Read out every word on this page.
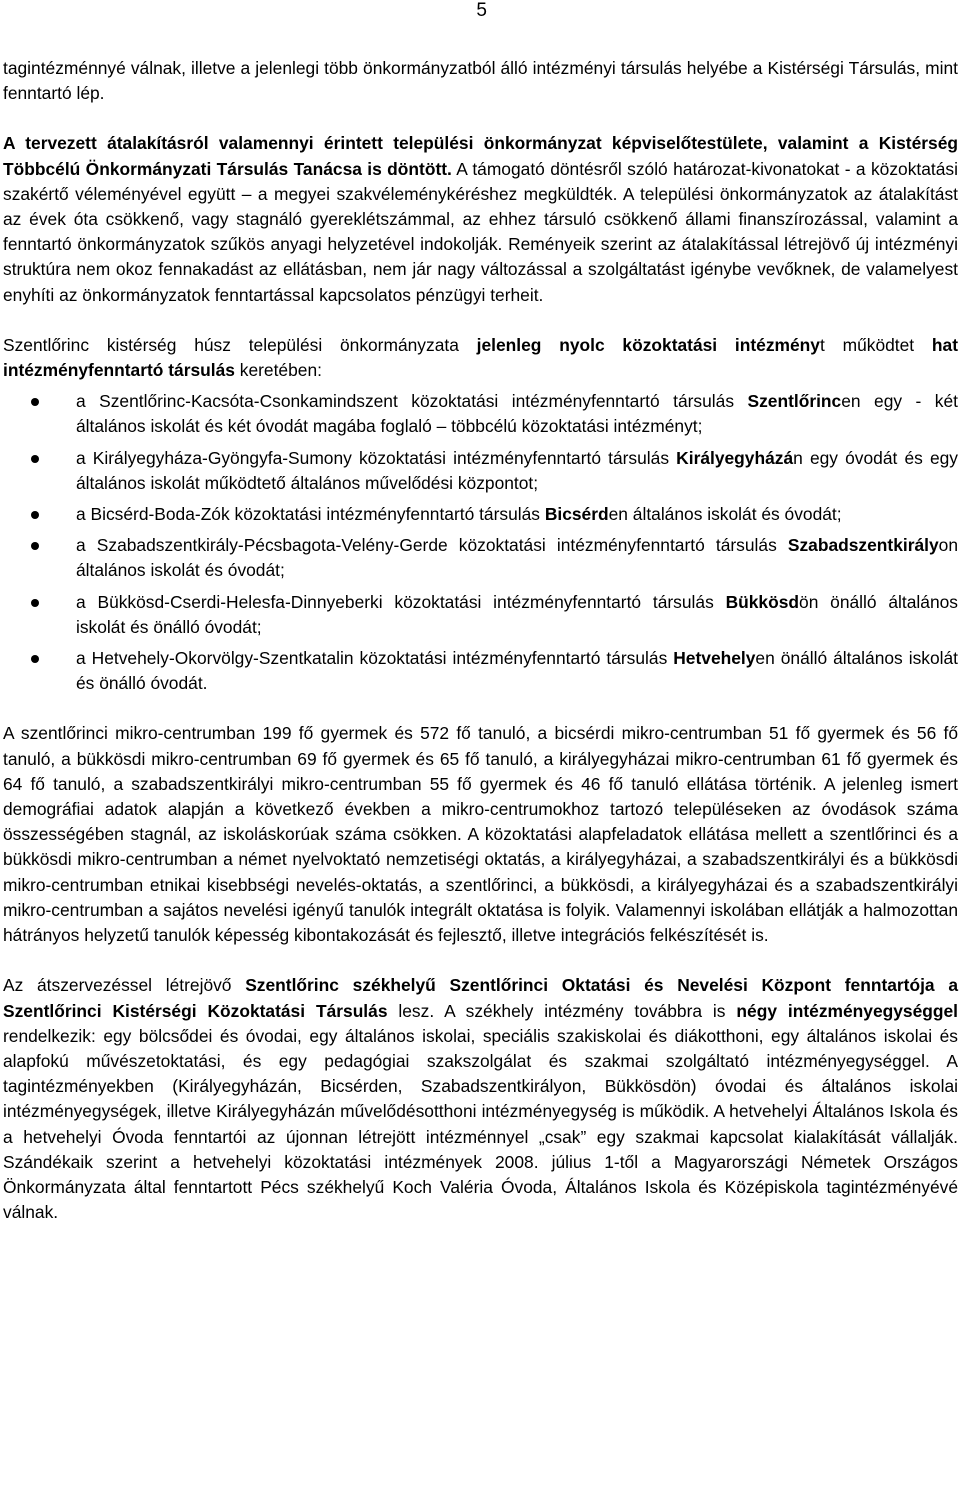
5

tagintézménnyé válnak, illetve a jelenlegi több önkormányzatból álló intézményi társulás helyébe a Kistérségi Társulás, mint fenntartó lép.

A tervezett átalakításról valamennyi érintett települési önkormányzat képviselőtestülete, valamint a Kistérség Többcélú Önkormányzati Társulás Tanácsa is döntött. A támogató döntésről szóló határozat-kivonatokat - a közoktatási szakértő véleményével együtt – a megyei szakvéleménykéréshez megküldték. A települési önkormányzatok az átalakítást az évek óta csökkenő, vagy stagnáló gyereklétszámmal, az ehhez társuló csökkenő állami finanszírozással, valamint a fenntartó önkormányzatok szűkös anyagi helyzetével indokolják. Reményeik szerint az átalakítással létrejövő új intézményi struktúra nem okoz fennakadást az ellátásban, nem jár nagy változással a szolgáltatást igénybe vevőknek, de valamelyest enyhíti az önkormányzatok fenntartással kapcsolatos pénzügyi terheit.

Szentlőrinc kistérség húsz települési önkormányzata jelenleg nyolc közoktatási intézményt működtet hat intézményfenntartó társulás keretében:

a Szentlőrinc-Kacsóta-Csonkamindszent közoktatási intézményfenntartó társulás Szentlőrincen egy - két általános iskolát és két óvodát magába foglaló – többcélú közoktatási intézményt;
a Királyegyháza-Gyöngyfa-Sumony közoktatási intézményfenntartó társulás Királyegyházán egy óvodát és egy általános iskolát működtető általános művelődési központot;
a Bicsérd-Boda-Zók közoktatási intézményfenntartó társulás Bicsérden általános iskolát és óvodát;
a Szabadszentkirály-Pécsbagota-Velény-Gerde közoktatási intézményfenntartó társulás Szabadszentkirályon általános iskolát és óvodát;
a Bükkösd-Cserdi-Helesfa-Dinnyeberki közoktatási intézményfenntartó társulás Bükkösdön önálló általános iskolát és önálló óvodát;
a Hetvehely-Okorvölgy-Szentkatalin közoktatási intézményfenntartó társulás Hetvehelyen önálló általános iskolát és önálló óvodát.

A szentlőrinci mikro-centrumban 199 fő gyermek és 572 fő tanuló, a bicsérdi mikro-centrumban 51 fő gyermek és 56 fő tanuló, a bükkösdi mikro-centrumban 69 fő gyermek és 65 fő tanuló, a királyegyházai mikro-centrumban 61 fő gyermek és 64 fő tanuló, a szabadszentkirályi mikro-centrumban 55 fő gyermek és 46 fő tanuló ellátása történik. A jelenleg ismert demográfiai adatok alapján a következő években a mikro-centrumokhoz tartozó településeken az óvodások száma összességében stagnál, az iskoláskorúak száma csökken. A közoktatási alapfeladatok ellátása mellett a szentlőrinci és a bükkösdi mikro-centrumban a német nyelvoktató nemzetiségi oktatás, a királyegyházai, a szabadszentkirályi és a bükkösdi mikro-centrumban etnikai kisebbségi nevelés-oktatás, a szentlőrinci, a bükkösdi, a királyegyházai és a szabadszentkirályi mikro-centrumban a sajátos nevelési igényű tanulók integrált oktatása is folyik. Valamennyi iskolában ellátják a halmozottan hátrányos helyzetű tanulók képesség kibontakozását és fejlesztő, illetve integrációs felkészítését is.

Az átszervezéssel létrejövő Szentlőrinc székhelyű Szentlőrinci Oktatási és Nevelési Központ fenntartója a Szentlőrinci Kistérségi Közoktatási Társulás lesz. A székhely intézmény továbbra is négy intézményegységgel rendelkezik: egy bölcsődei és óvodai, egy általános iskolai, speciális szakiskolai és diákotthoni, egy általános iskolai és alapfokú művészetoktatási, és egy pedagógiai szakszolgálat és szakmai szolgáltató intézményegységgel. A tagintézményekben (Királyegyházán, Bicsérden, Szabadszentkirályon, Bükkösdön) óvodai és általános iskolai intézményegységek, illetve Királyegyházán művelődésotthoni intézményegység is működik. A hetvehelyi Általános Iskola és a hetvehelyi Óvoda fenntartói az újonnan létrejött intézménnyel „csak” egy szakmai kapcsolat kialakítását vállalják. Szándékaik szerint a hetvehelyi közoktatási intézmények 2008. július 1-től a Magyarországi Németek Országos Önkormányzata által fenntartott Pécs székhelyű Koch Valéria Óvoda, Általános Iskola és Középiskola tagintézményévé válnak.
